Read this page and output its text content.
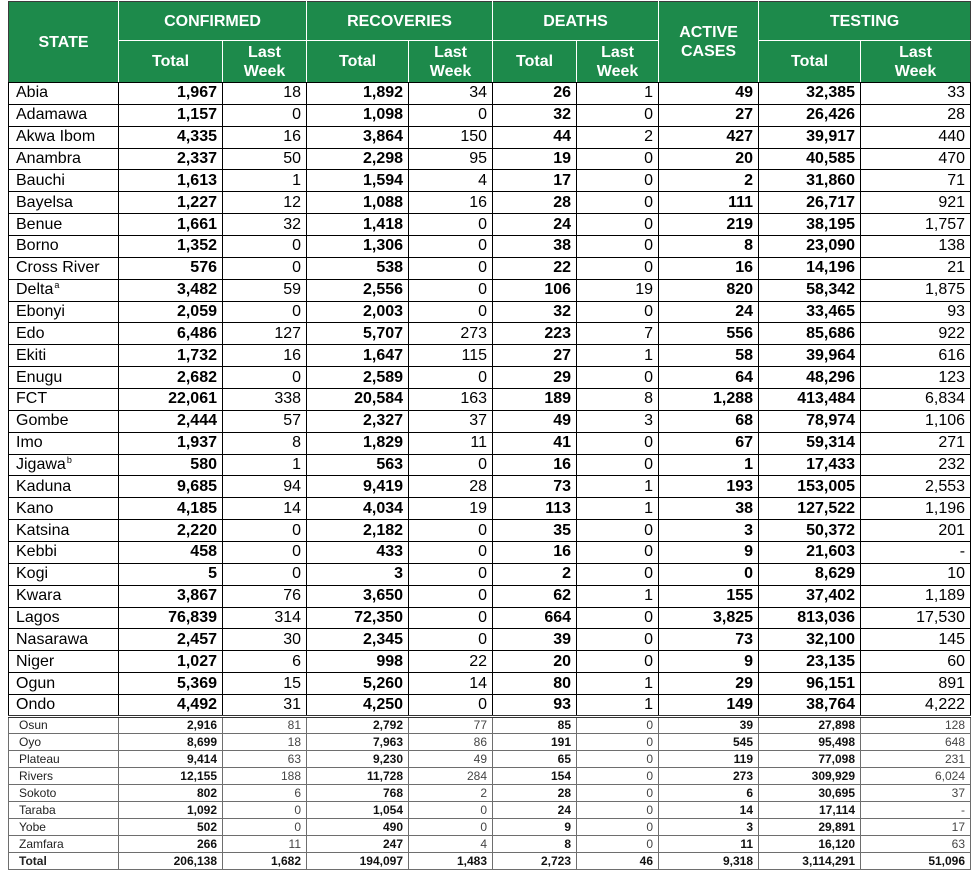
STATE	CONFIRMED		RECOVERIES		DEATHS		ACTIVE CASES	TESTING	
	Total	Last Week	Total	Last Week	Total	Last Week		Total	Last Week
Abia	1,967	18	1,892	34	26	1	49	32,385	33
Adamawa	1,157	0	1,098	0	32	0	27	26,426	28
Akwa Ibom	4,335	16	3,864	150	44	2	427	39,917	440
Anambra	2,337	50	2,298	95	19	0	20	40,585	470
Bauchi	1,613	1	1,594	4	17	0	2	31,860	71
Bayelsa	1,227	12	1,088	16	28	0	111	26,717	921
Benue	1,661	32	1,418	0	24	0	219	38,195	1,757
Borno	1,352	0	1,306	0	38	0	8	23,090	138
Cross River	576	0	538	0	22	0	16	14,196	21
Delta$^a$	3,482	59	2,556	0	106	19	820	58,342	1,875
Ebonyi	2,059	0	2,003	0	32	0	24	33,465	93
Edo	6,486	127	5,707	273	223	7	556	85,686	922
Ekiti	1,732	16	1,647	115	27	1	58	39,964	616
Enugu	2,682	0	2,589	0	29	0	64	48,296	123
FCT	22,061	338	20,584	163	189	8	1,288	413,484	6,834
Gombe	2,444	57	2,327	37	49	3	68	78,974	1,106
Imo	1,937	8	1,829	11	41	0	67	59,314	271
Jigawa$^b$	580	1	563	0	16	0	1	17,433	232
Kaduna	9,685	94	9,419	28	73	1	193	153,005	2,553
Kano	4,185	14	4,034	19	113	1	38	127,522	1,196
Katsina	2,220	0	2,182	0	35	0	3	50,372	201
Kebbi	458	0	433	0	16	0	9	21,603	-
Kogi	5	0	3	0	2	0	0	8,629	10
Kwara	3,867	76	3,650	0	62	1	155	37,402	1,189
Lagos	76,839	314	72,350	0	664	0	3,825	813,036	17,530
Nasarawa	2,457	30	2,345	0	39	0	73	32,100	145
Niger	1,027	6	998	22	20	0	9	23,135	60
Ogun	5,369	15	5,260	14	80	1	29	96,151	891
Ondo	4,492	31	4,250	0	93	1	149	38,764	4,222
Osun	2,916	81	2,792	77	85	0	39	27,898	128
Oyo	8,699	18	7,963	86	191	0	545	95,498	648
Plateau	9,414	63	9,230	49	65	0	119	77,098	231
Rivers	12,155	188	11,728	284	154	0	273	309,929	6,024
Sokoto	802	6	768	2	28	0	6	30,695	37
Taraba	1,092	0	1,054	0	24	0	14	17,114	-
Yobe	502	0	490	0	9	0	3	29,891	17
Zamfara	266	11	247	4	8	0	11	16,120	63
Total	206,138	1,682	194,097	1,483	2,723	46	9,318	3,114,291	51,096
